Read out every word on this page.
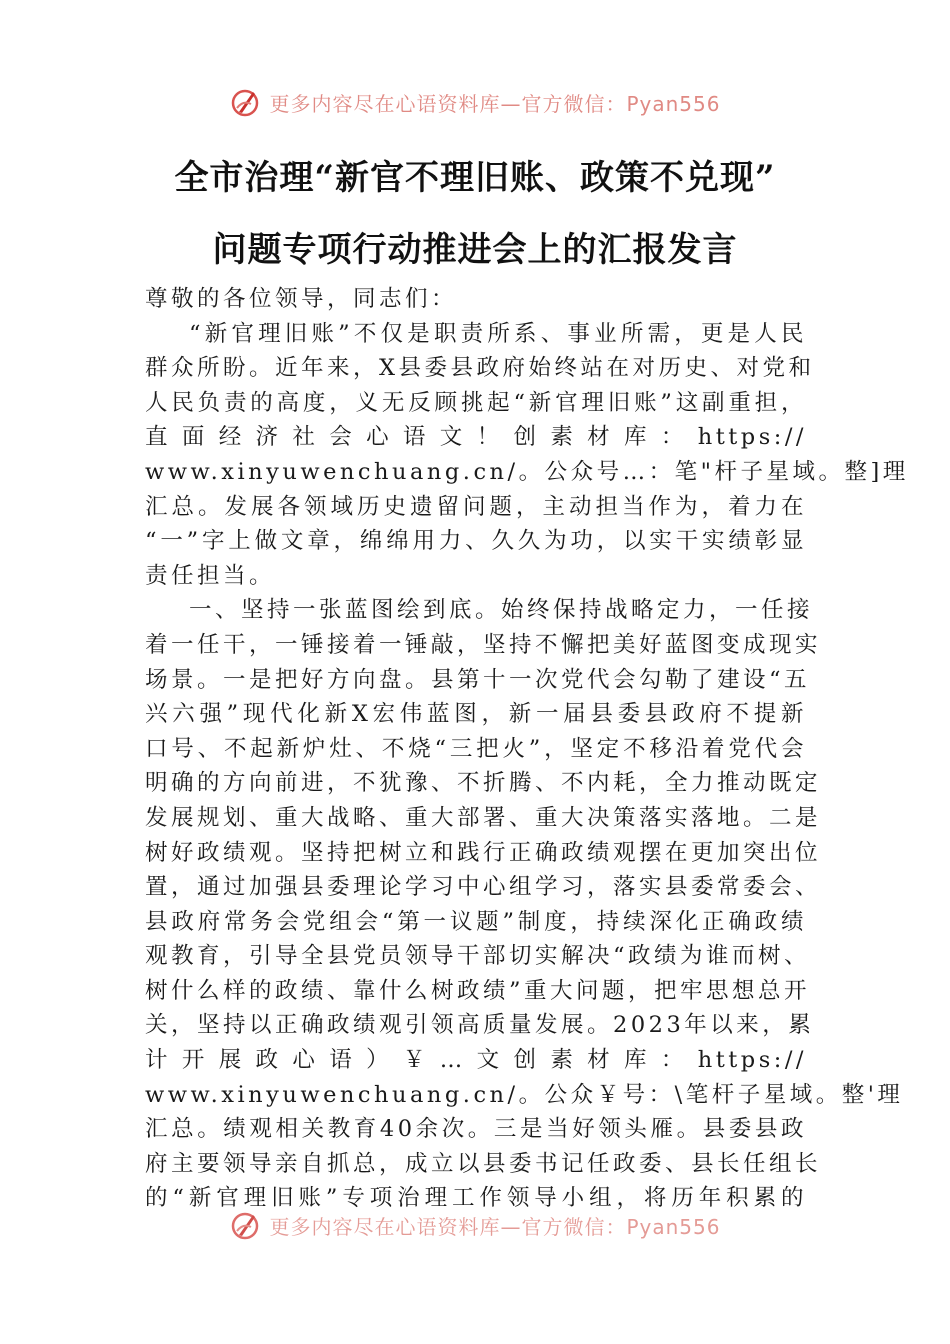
更多内容尽在心语资料库—官方微信：Pyan556
全市治理“新官不理旧账、政策不兑现”
问题专项行动推进会上的汇报发言
尊敬的各位领导，同志们：
“新官理旧账”不仅是职责所系、事业所需，更是人民
群众所盼。近年来，X县委县政府始终站在对历史、对党和
人民负责的高度，义无反顾挑起“新官理旧账”这副重担，
直面经济社会心语文！创素材库：https://
www.xinyuwenchuang.cn/。公众号…：笔"杆子星域。整]理
汇总。发展各领域历史遗留问题，主动担当作为，着力在
“一”字上做文章，绵绵用力、久久为功，以实干实绩彰显
责任担当。
一、坚持一张蓝图绘到底。始终保持战略定力，一任接
着一任干，一锤接着一锤敲，坚持不懈把美好蓝图变成现实
场景。一是把好方向盘。县第十一次党代会勾勒了建设“五
兴六强”现代化新X宏伟蓝图，新一届县委县政府不提新
口号、不起新炉灶、不烧“三把火”，坚定不移沿着党代会
明确的方向前进，不犹豫、不折腾、不内耗，全力推动既定
发展规划、重大战略、重大部署、重大决策落实落地。二是
树好政绩观。坚持把树立和践行正确政绩观摆在更加突出位
置，通过加强县委理论学习中心组学习，落实县委常委会、
县政府常务会党组会“第一议题”制度，持续深化正确政绩
观教育，引导全县党员领导干部切实解决“政绩为谁而树、
树什么样的政绩、靠什么树政绩”重大问题，把牢思想总开
关，坚持以正确政绩观引领高质量发展。2023年以来，累
计开展政心语）￥…文创素材库：https://
www.xinyuwenchuang.cn/。公众￥号：\笔杆子星域。整'理
汇总。绩观相关教育40余次。三是当好领头雁。县委县政
府主要领导亲自抓总，成立以县委书记任政委、县长任组长
的“新官理旧账”专项治理工作领导小组，将历年积累的
更多内容尽在心语资料库—官方微信：Pyan556
